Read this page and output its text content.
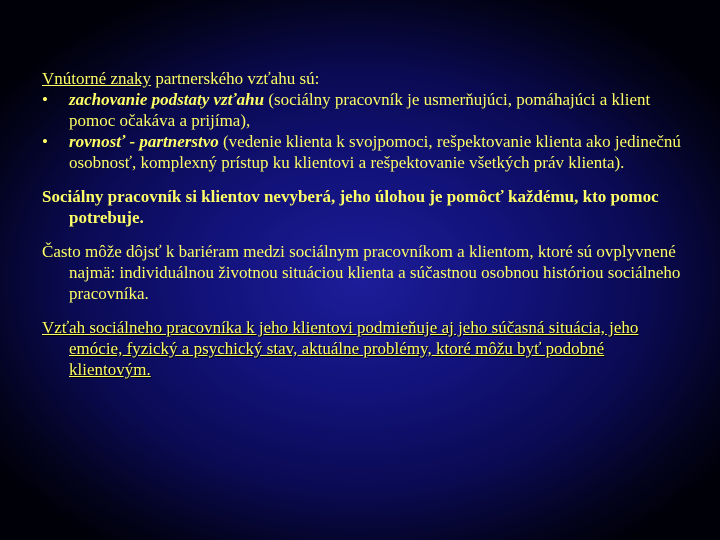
Vnútorné znaky partnerského vzťahu sú:

• zachovanie podstaty vzťahu (sociálny pracovník je usmerňujúci, pomáhajúci a klient pomoc očakáva a prijíma),
• rovnosť - partnerstvo (vedenie klienta k svojpomoci, rešpektovanie klienta ako jedinečnú osobnosť, komplexný prístup ku klientovi a rešpektovanie všetkých práv klienta).

Sociálny pracovník si klientov nevyberá, jeho úlohou je pomôcť každému, kto pomoc potrebuje.

Často môže dôjsť k bariéram medzi sociálnym pracovníkom a klientom, ktoré sú ovplyvnené najmä: individuálnou životnou situáciou klienta a súčastnou osobnou históriou sociálneho pracovníka.

Vzťah sociálneho pracovníka k jeho klientovi podmieňuje aj jeho súčasná situácia, jeho emócie, fyzický a psychický stav, aktuálne problémy, ktoré môžu byť podobné klientovým.
